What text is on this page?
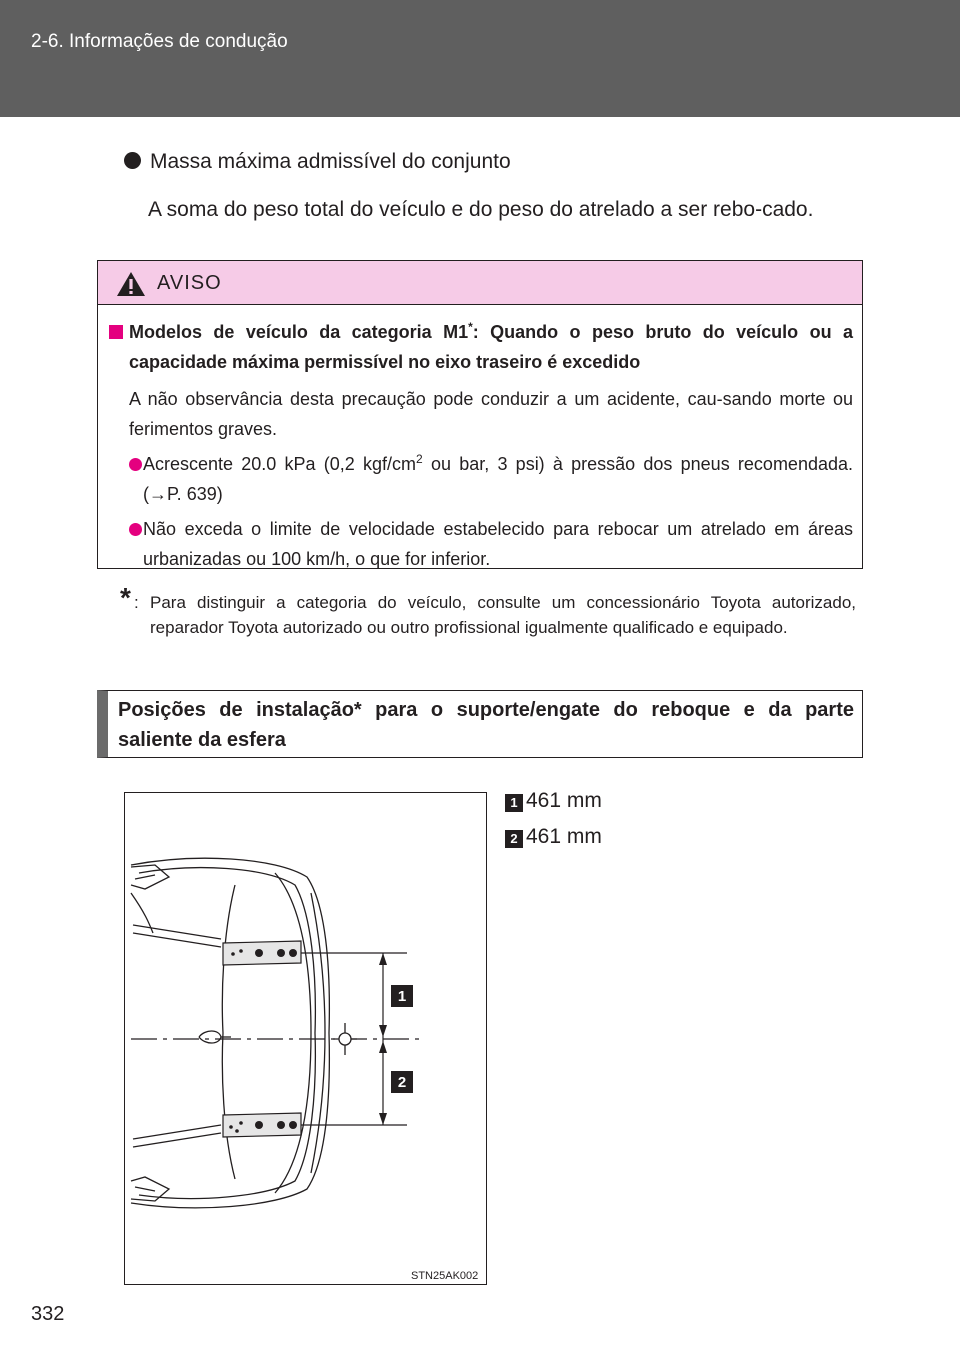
2-6. Informações de condução
Massa máxima admissível do conjunto
A soma do peso total do veículo e do peso do atrelado a ser rebo-cado.
AVISO
Modelos de veículo da categoria M1*: Quando o peso bruto do veículo ou a capacidade máxima permissível no eixo traseiro é excedido
A não observância desta precaução pode conduzir a um acidente, cau-sando morte ou ferimentos graves.
Acrescente 20.0 kPa (0,2 kgf/$cm^2$ ou bar, 3 psi) à pressão dos pneus recomendada. (→P. 639)
Não exceda o limite de velocidade estabelecido para rebocar um atrelado em áreas urbanizadas ou 100 km/h, o que for inferior.
* : Para distinguir a categoria do veículo, consulte um concessionário Toyota autorizado, reparador Toyota autorizado ou outro profissional igualmente qualificado e equipado.
Posições de instalação* para o suporte/engate do reboque e da parte saliente da esfera
1 461 mm
2 461 mm
1
2
STN25AK002
332
